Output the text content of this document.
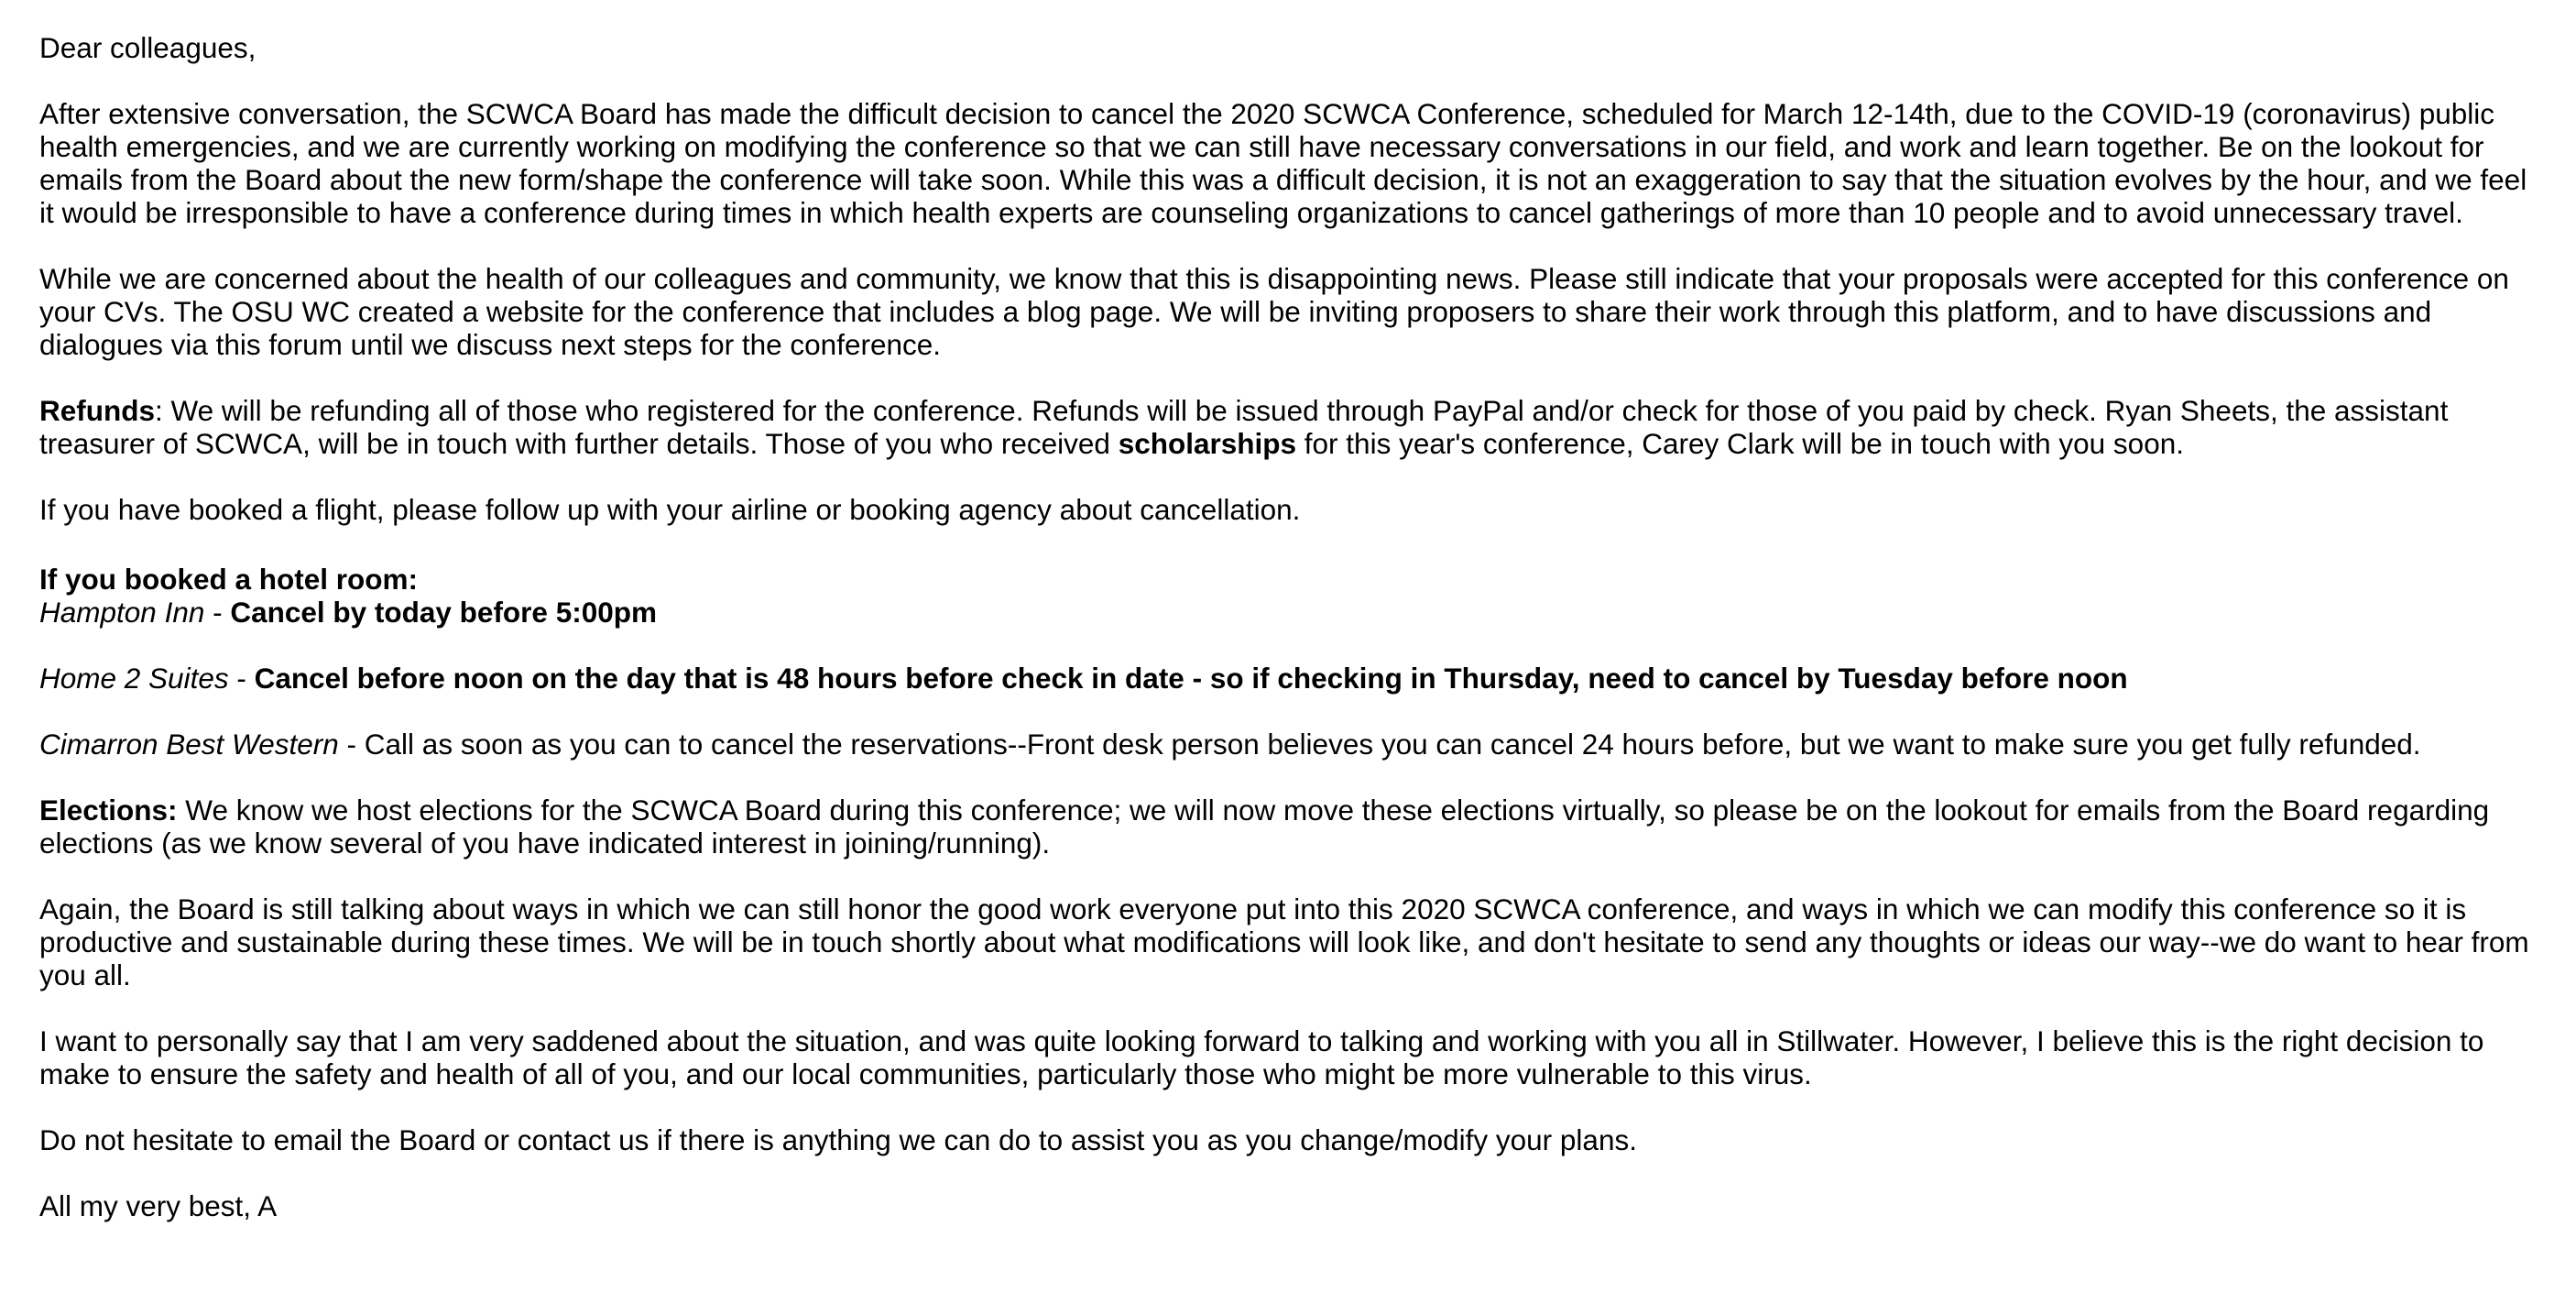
Dear colleagues,

After extensive conversation, the SCWCA Board has made the difficult decision to cancel the 2020 SCWCA Conference, scheduled for March 12-14th, due to the COVID-19 (coronavirus) public health emergencies, and we are currently working on modifying the conference so that we can still have necessary conversations in our field, and work and learn together. Be on the lookout for emails from the Board about the new form/shape the conference will take soon. While this was a difficult decision, it is not an exaggeration to say that the situation evolves by the hour, and we feel it would be irresponsible to have a conference during times in which health experts are counseling organizations to cancel gatherings of more than 10 people and to avoid unnecessary travel.

While we are concerned about the health of our colleagues and community, we know that this is disappointing news. Please still indicate that your proposals were accepted for this conference on your CVs. The OSU WC created a website for the conference that includes a blog page. We will be inviting proposers to share their work through this platform, and to have discussions and dialogues via this forum until we discuss next steps for the conference.

Refunds: We will be refunding all of those who registered for the conference. Refunds will be issued through PayPal and/or check for those of you paid by check. Ryan Sheets, the assistant treasurer of SCWCA, will be in touch with further details. Those of you who received scholarships for this year's conference, Carey Clark will be in touch with you soon.

If you have booked a flight, please follow up with your airline or booking agency about cancellation.

If you booked a hotel room:

Hampton Inn - Cancel by today before 5:00pm

Home 2 Suites - Cancel before noon on the day that is 48 hours before check in date - so if checking in Thursday, need to cancel by Tuesday before noon

Cimarron Best Western - Call as soon as you can to cancel the reservations--Front desk person believes you can cancel 24 hours before, but we want to make sure you get fully refunded.

Elections: We know we host elections for the SCWCA Board during this conference; we will now move these elections virtually, so please be on the lookout for emails from the Board regarding elections (as we know several of you have indicated interest in joining/running).

Again, the Board is still talking about ways in which we can still honor the good work everyone put into this 2020 SCWCA conference, and ways in which we can modify this conference so it is productive and sustainable during these times. We will be in touch shortly about what modifications will look like, and don't hesitate to send any thoughts or ideas our way--we do want to hear from you all.

I want to personally say that I am very saddened about the situation, and was quite looking forward to talking and working with you all in Stillwater. However, I believe this is the right decision to make to ensure the safety and health of all of you, and our local communities, particularly those who might be more vulnerable to this virus.

Do not hesitate to email the Board or contact us if there is anything we can do to assist you as you change/modify your plans.

All my very best, A
